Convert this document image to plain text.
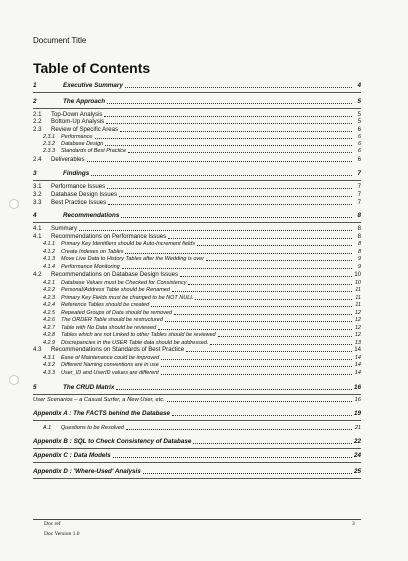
Document Title
Table of Contents
1	Executive Summary	4
2	The Approach	5
2.1	Top-Down Analysis	5
2.2	Bottom-Up Analysis	5
2.3	Review of Specific Areas	6
2.3.1	Performance	6
2.3.2	Database Design	6
2.3.3	Standards of Best Practice	6
2.4	Deliverables	6
3	Findings	7
3.1	Performance Issues	7
3.2	Database Design Issues	7
3.3	Best Practice Issues	7
4	Recommendations	8
4.1	Summary	8
4.1	Recommendations on Performance Issues	8
4.1.1	Primary Key Identifiers should be Auto-Increment fields	8
4.1.2	Create Indexes on Tables	8
4.1.3	Move Live Data to History Tables after the Wedding is over	9
4.1.4	Performance Monitoring	9
4.2	Recommendations on Database Design Issues	10
4.2.1	Database Values must be Checked for Consistency	10
4.2.2	Personal/Address Table should be Renamed	11
4.2.3	Primary Key Fields must be changed to be NOT NULL	11
4.2.4	Reference Tables should be created	11
4.2.5	Repeated Groups of Data should be removed	12
4.2.6	The ORDER Table should be restructured	12
4.2.7	Table with No Data should be reviewed	12
4.2.8	Tables which are not Linked to other Tables should be reviewed	12
4.2.9	Discrepancies in the USER Table data should be addressed.	13
4.3	Recommendations on Standards of Best Practice	14
4.3.1	Ease of Maintenance could be improved	14
4.3.2	Different Naming conventions are in use	14
4.3.3	User_ID and UserID values are different	14
5	The CRUD Matrix	16
User Scenarios – a Casual Surfer, a New User, etc.	16
Appendix A : The FACTS behind the Database	19
A.1	Questions to be Resolved	21
Appendix B : SQL to Check Consistency of Database	22
Appendix C : Data Models	24
Appendix D : 'Where-Used' Analysis	25
Doc ref
Doc Version 1.0
3
